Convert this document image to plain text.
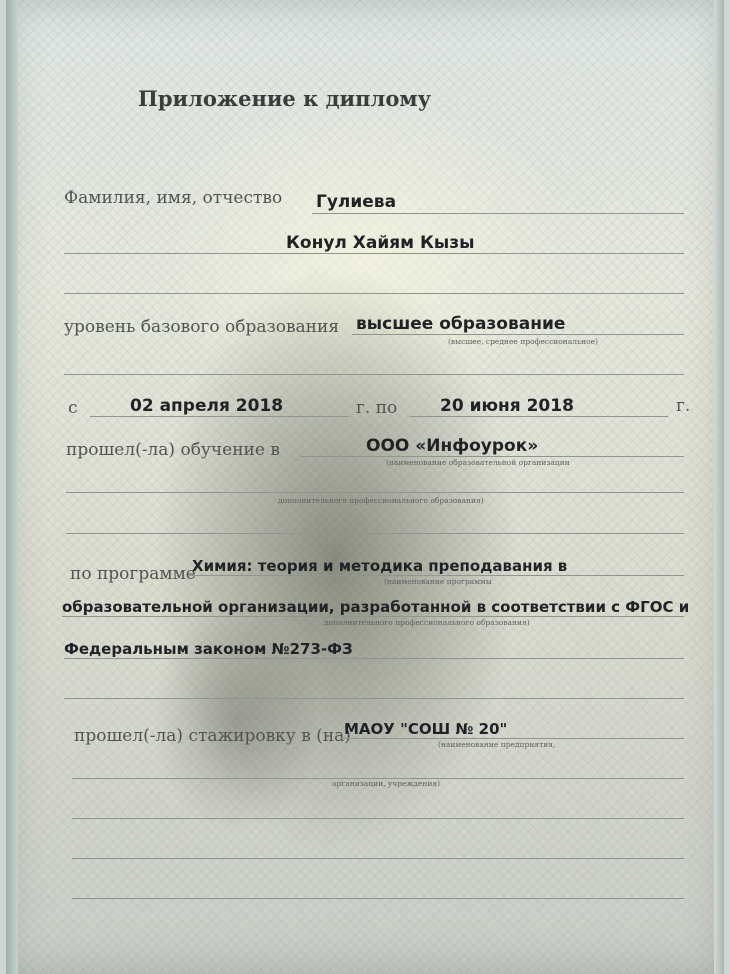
Приложение к диплому
Фамилия, имя, отчество Гулиева
Конул Хайям Кызы
уровень базового образования высшее образование
(высшее, среднее профессиональное)
с	02 апреля 2018	г. по	20 июня 2018	г.
прошел(-ла) обучение в	ООО «Инфоурок»
(наименование образовательной организации
дополнительного профессионального образования)
по программе
Химия: теория и методика преподавания в
(наименование программы
образовательной организации, разработанной в соответствии с ФГОС и
дополнительного профессионального образования)
Федеральным законом №273-ФЗ
прошел(-ла) стажировку в (на)
МАОУ "СОШ № 20"
(наименование предприятия,
организации, учреждения)
